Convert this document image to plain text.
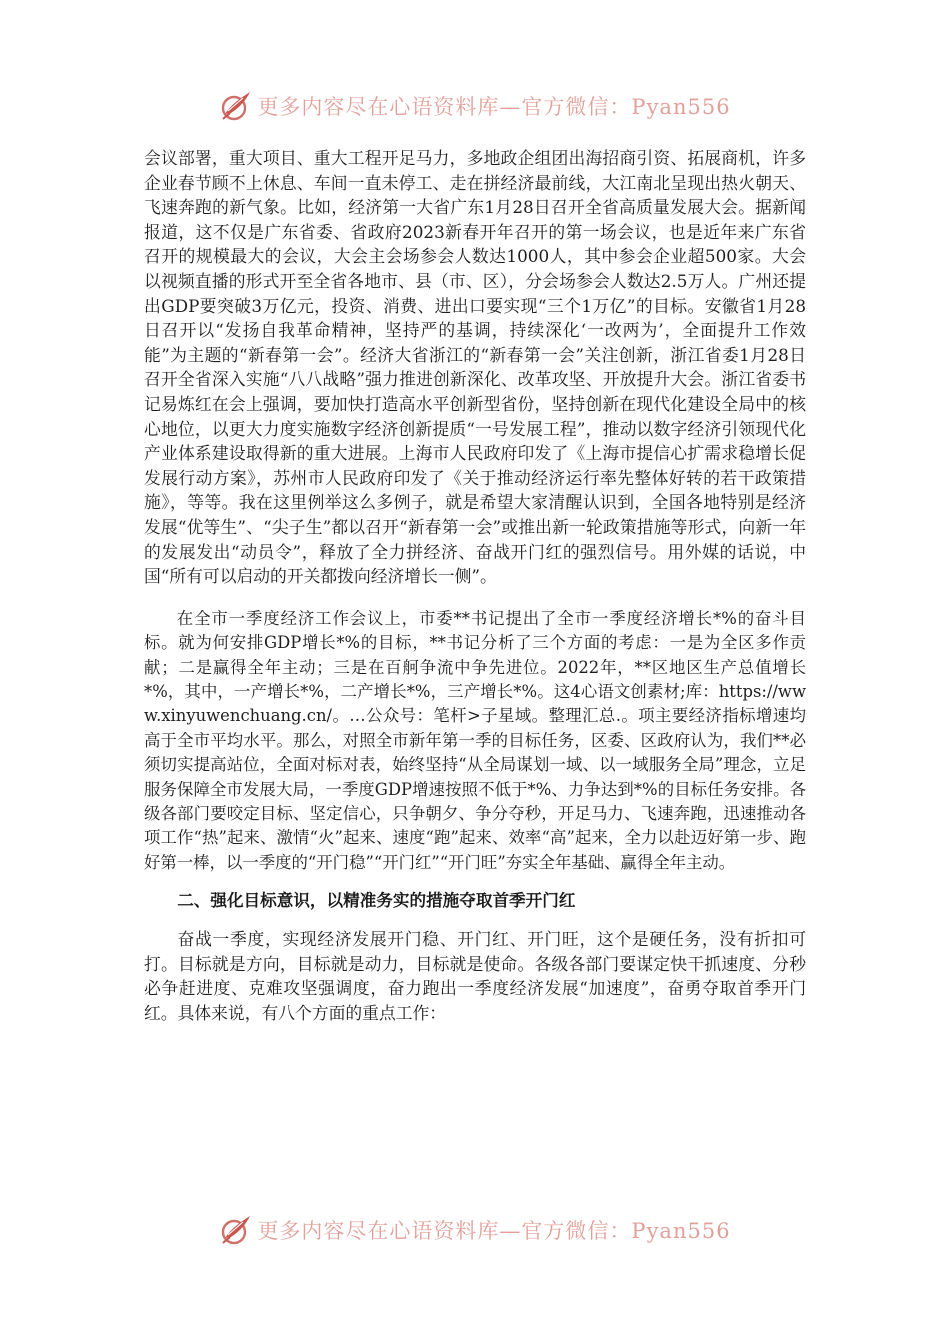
更多内容尽在心语资料库—官方微信：Pyan556

会议部署，重大项目、重大工程开足马力，多地政企组团出海招商引资、拓展商机，许多企业春节顾不上休息、车间一直未停工、走在拼经济最前线，大江南北呈现出热火朝天、飞速奔跑的新气象。比如，经济第一大省广东1月28日召开全省高质量发展大会。据新闻报道，这不仅是广东省委、省政府2023新春开年召开的第一场会议，也是近年来广东省召开的规模最大的会议，大会主会场参会人数达1000人，其中参会企业超500家。大会以视频直播的形式开至全省各地市、县（市、区），分会场参会人数达2.5万人。广州还提出GDP要突破3万亿元，投资、消费、进出口要实现“三个1万亿”的目标。安徽省1月28日召开以“发扬自我革命精神，坚持严的基调，持续深化‘一改两为’，全面提升工作效能”为主题的“新春第一会”。经济大省浙江的“新春第一会”关注创新，浙江省委1月28日召开全省深入实施“八八战略”强力推进创新深化、改革攻坚、开放提升大会。浙江省委书记易炼红在会上强调，要加快打造高水平创新型省份，坚持创新在现代化建设全局中的核心地位，以更大力度实施数字经济创新提质“一号发展工程”，推动以数字经济引领现代化产业体系建设取得新的重大进展。上海市人民政府印发了《上海市提信心扩需求稳增长促发展行动方案》，苏州市人民政府印发了《关于推动经济运行率先整体好转的若干政策措施》，等等。我在这里例举这么多例子，就是希望大家清醒认识到，全国各地特别是经济发展“优等生”、“尖子生”都以召开“新春第一会”或推出新一轮政策措施等形式，向新一年的发展发出“动员令”，释放了全力拼经济、奋战开门红的强烈信号。用外媒的话说，中国“所有可以启动的开关都拨向经济增长一侧”。

在全市一季度经济工作会议上，市委**书记提出了全市一季度经济增长*%的奋斗目标。就为何安排GDP增长*%的目标，**书记分析了三个方面的考虑：一是为全区多作贡献；二是赢得全年主动；三是在百舸争流中争先进位。2022年，**区地区生产总值增长*%，其中，一产增长*%，二产增长*%，三产增长*%。这4心语文创素材;库：https://www.xinyuwenchuang.cn/。…公众号：笔杆>子星域。整理汇总.。项主要经济指标增速均高于全市平均水平。那么，对照全市新年第一季的目标任务，区委、区政府认为，我们**必须切实提高站位，全面对标对表，始终坚持“从全局谋划一域、以一域服务全局”理念，立足服务保障全市发展大局，一季度GDP增速按照不低于*%、力争达到*%的目标任务安排。各级各部门要咬定目标、坚定信心，只争朝夕、争分夺秒，开足马力、飞速奔跑，迅速推动各项工作“热”起来、激情“火”起来、速度“跑”起来、效率“高”起来，全力以赴迈好第一步、跑好第一棒，以一季度的“开门稳”“开门红”“开门旺”夯实全年基础、赢得全年主动。

二、强化目标意识，以精准务实的措施夺取首季开门红

奋战一季度，实现经济发展开门稳、开门红、开门旺，这个是硬任务，没有折扣可打。目标就是方向，目标就是动力，目标就是使命。各级各部门要谋定快干抓速度、分秒必争赶进度、克难攻坚强调度，奋力跑出一季度经济发展“加速度”，奋勇夺取首季开门红。具体来说，有八个方面的重点工作：

更多内容尽在心语资料库—官方微信：Pyan556
